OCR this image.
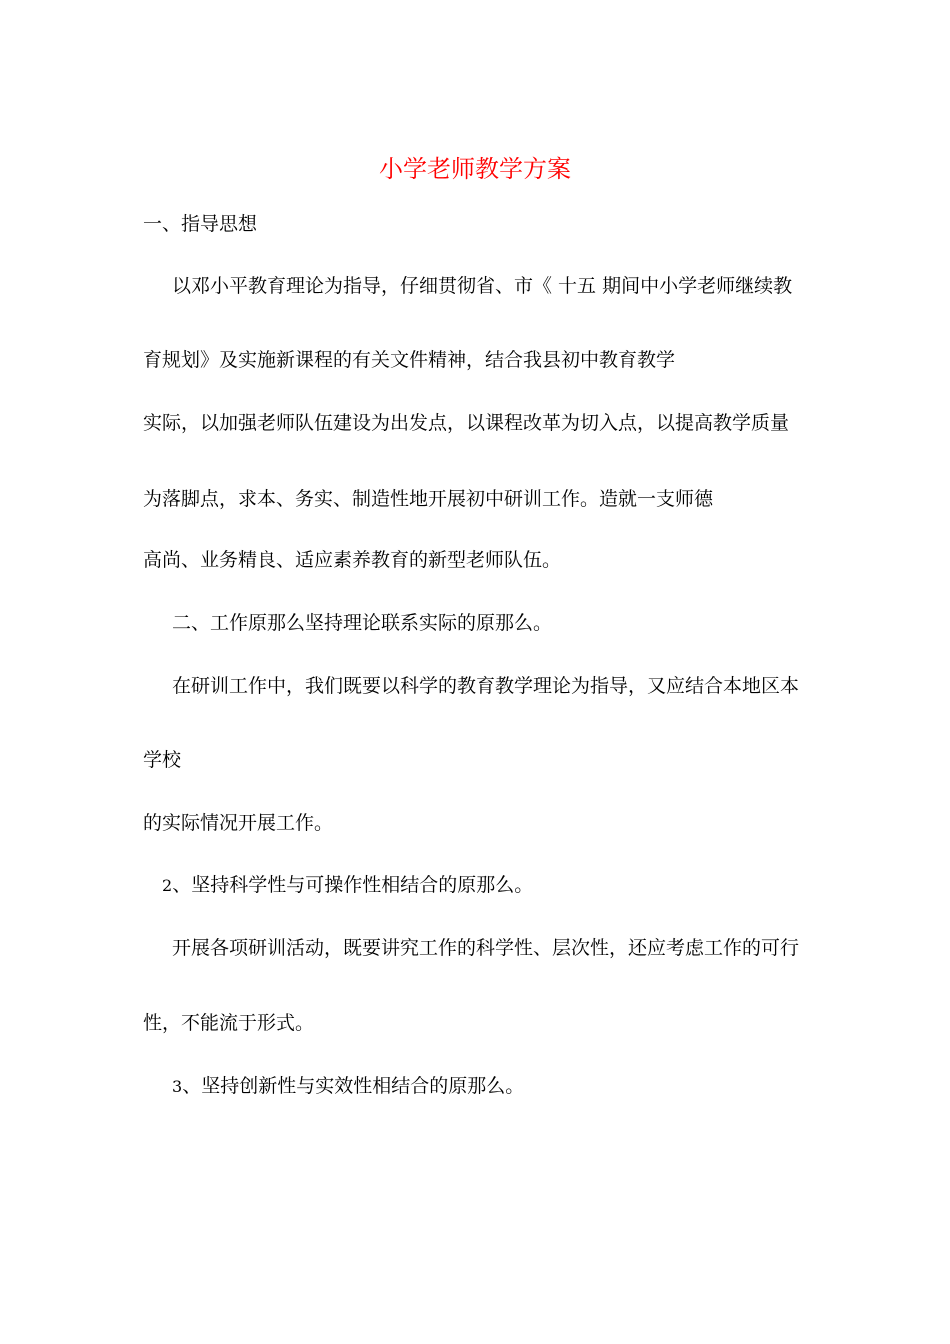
小学老师教学方案
一、指导思想
以邓小平教育理论为指导，仔细贯彻省、市《 十五 期间中小学老师继续教
育规划》及实施新课程的有关文件精神，结合我县初中教育教学
实际，以加强老师队伍建设为出发点，以课程改革为切入点，以提高教学质量
为落脚点，求本、务实、制造性地开展初中研训工作。造就一支师德
高尚、业务精良、适应素养教育的新型老师队伍。
二、工作原那么坚持理论联系实际的原那么。
在研训工作中，我们既要以科学的教育教学理论为指导，又应结合本地区本
学校
的实际情况开展工作。
2、坚持科学性与可操作性相结合的原那么。
开展各项研训活动，既要讲究工作的科学性、层次性，还应考虑工作的可行
性，不能流于形式。
3、坚持创新性与实效性相结合的原那么。
